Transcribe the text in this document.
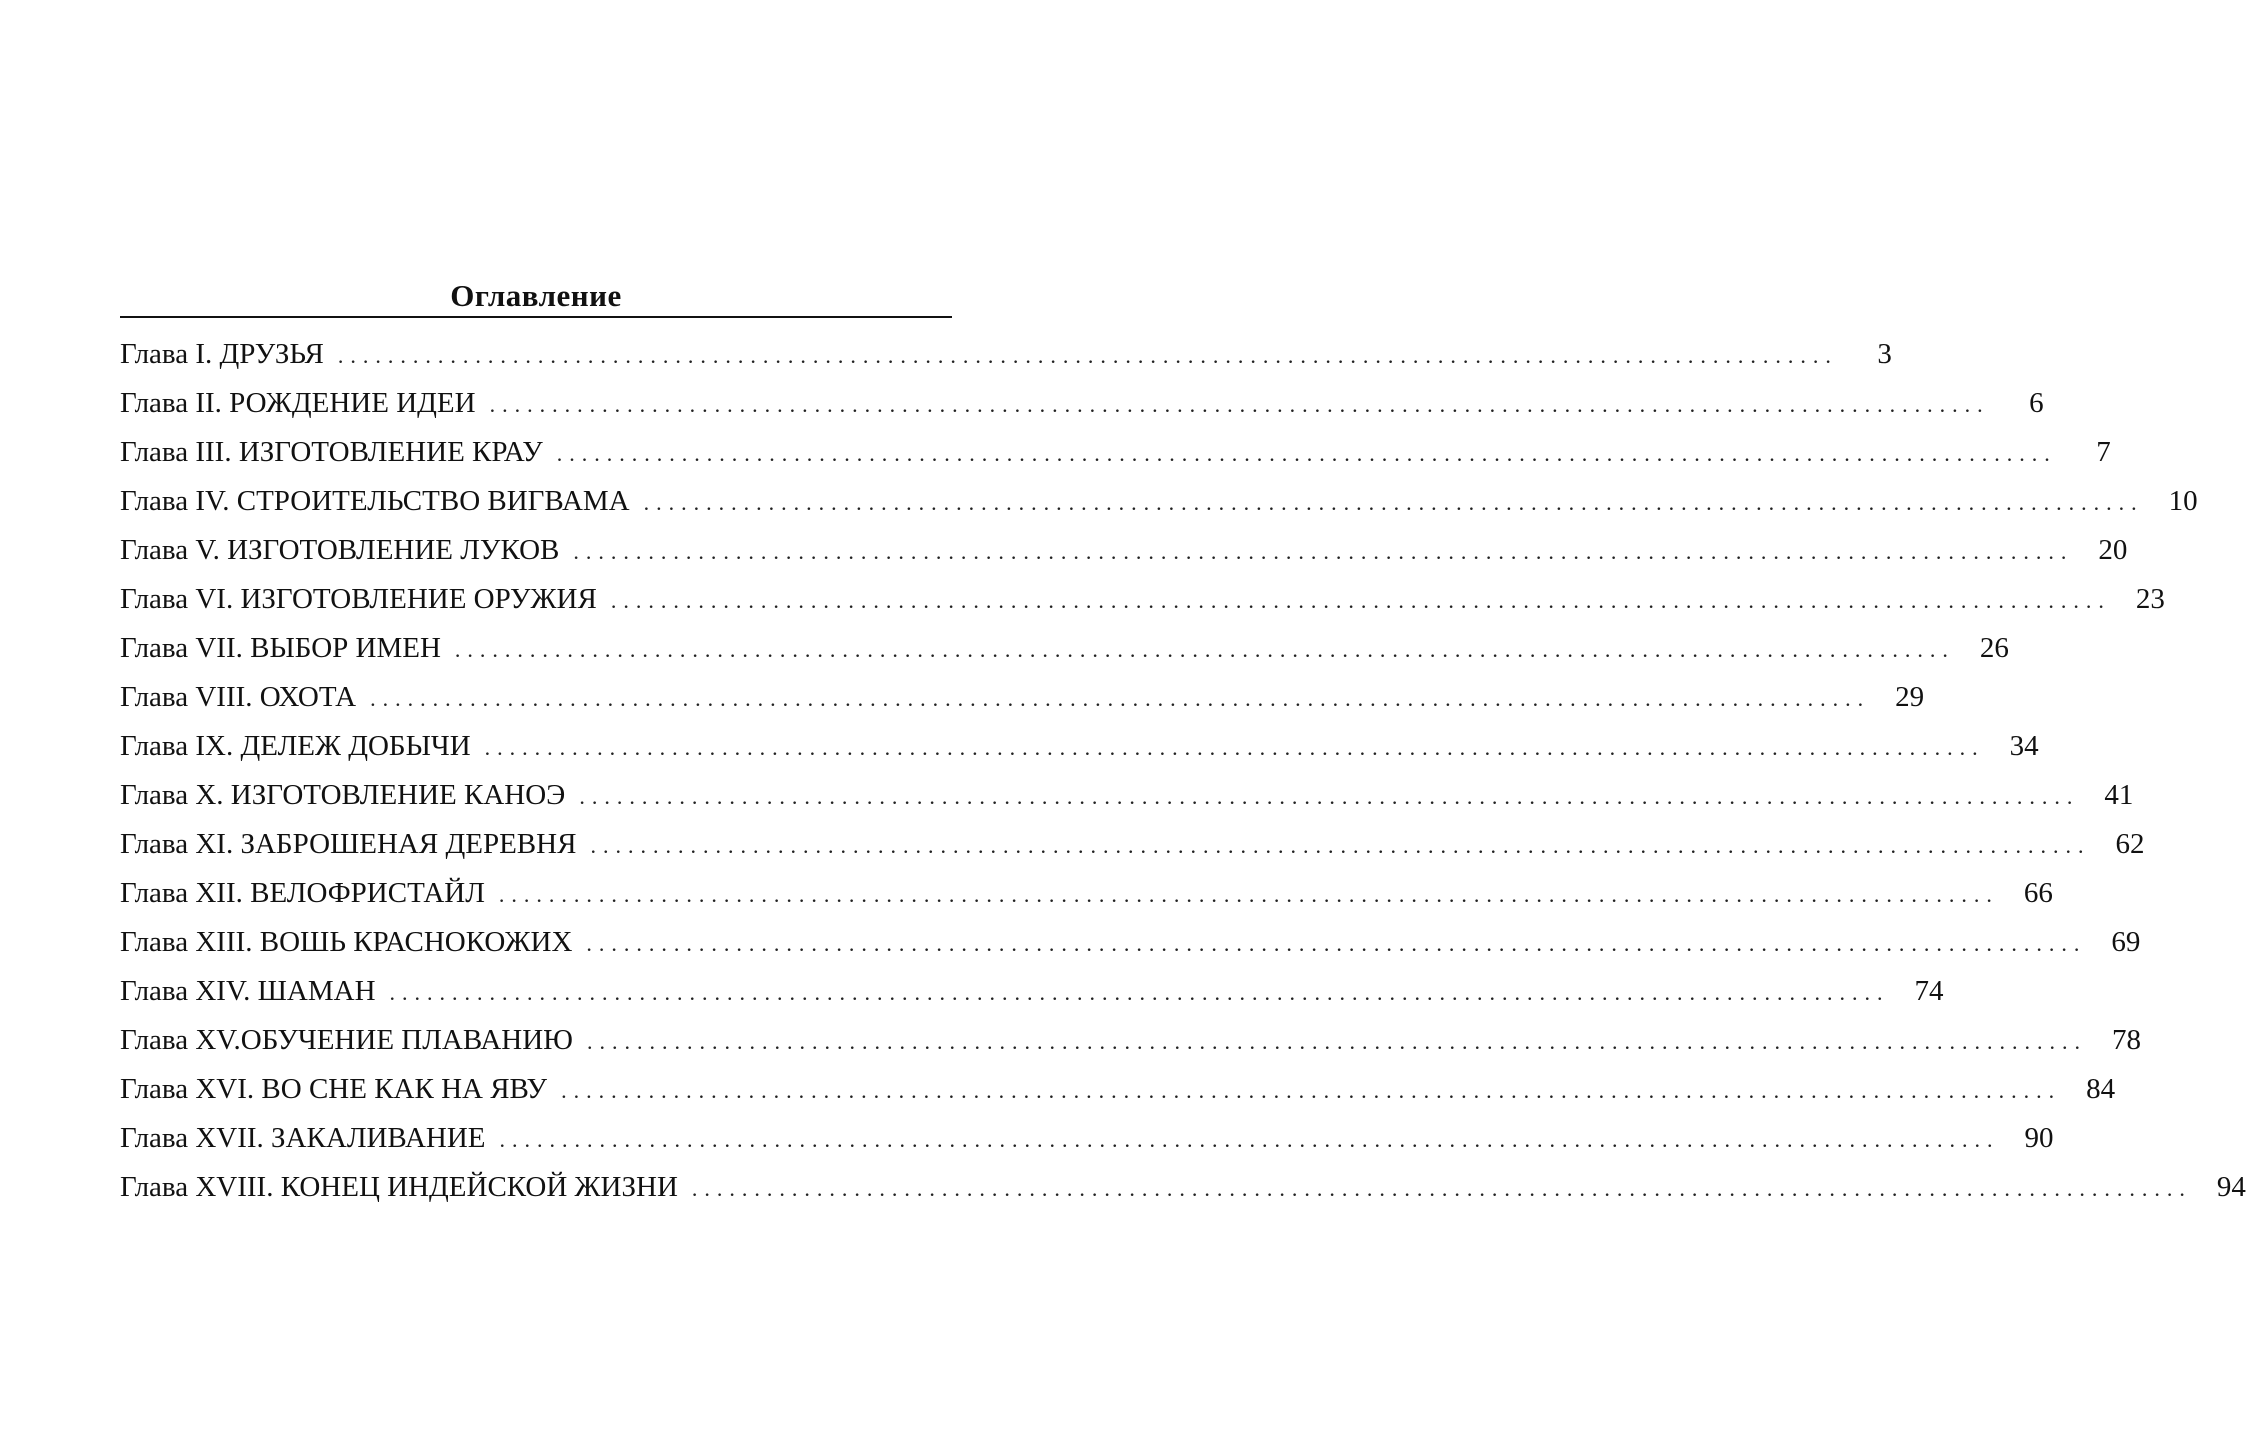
Оглавление
Глава I. ДРУЗЬЯ ........................................................................................................................	3
Глава II. РОЖДЕНИЕ ИДЕИ ........................................................................................................................	6
Глава III. ИЗГОТОВЛЕНИЕ КРАУ ........................................................................................................................	7
Глава IV. СТРОИТЕЛЬСТВО ВИГВАМА ........................................................................................................................ 10
Глава V. ИЗГОТОВЛЕНИЕ ЛУКОВ ........................................................................................................................ 20
Глава VI. ИЗГОТОВЛЕНИЕ ОРУЖИЯ ........................................................................................................................ 23
Глава VII. ВЫБОР ИМЕН ........................................................................................................................ 26
Глава VIII. ОХОТА ........................................................................................................................ 29
Глава IX. ДЕЛЕЖ ДОБЫЧИ ........................................................................................................................ 34
Глава X. ИЗГОТОВЛЕНИЕ КАНОЭ ........................................................................................................................ 41
Глава XI. ЗАБРОШЕНАЯ ДЕРЕВНЯ ........................................................................................................................ 62
Глава XII. ВЕЛОФРИСТАЙЛ ........................................................................................................................ 66
Глава XIII. ВОШЬ КРАСНОКОЖИХ ........................................................................................................................ 69
Глава XIV. ШАМАН ........................................................................................................................ 74
Глава XV.ОБУЧЕНИЕ ПЛАВАНИЮ ........................................................................................................................ 78
Глава XVI. ВО СНЕ КАК НА ЯВУ ........................................................................................................................ 84
Глава XVII. ЗАКАЛИВАНИЕ ........................................................................................................................ 90
Глава XVIII. КОНЕЦ ИНДЕЙСКОЙ ЖИЗНИ ........................................................................................................................ 94
